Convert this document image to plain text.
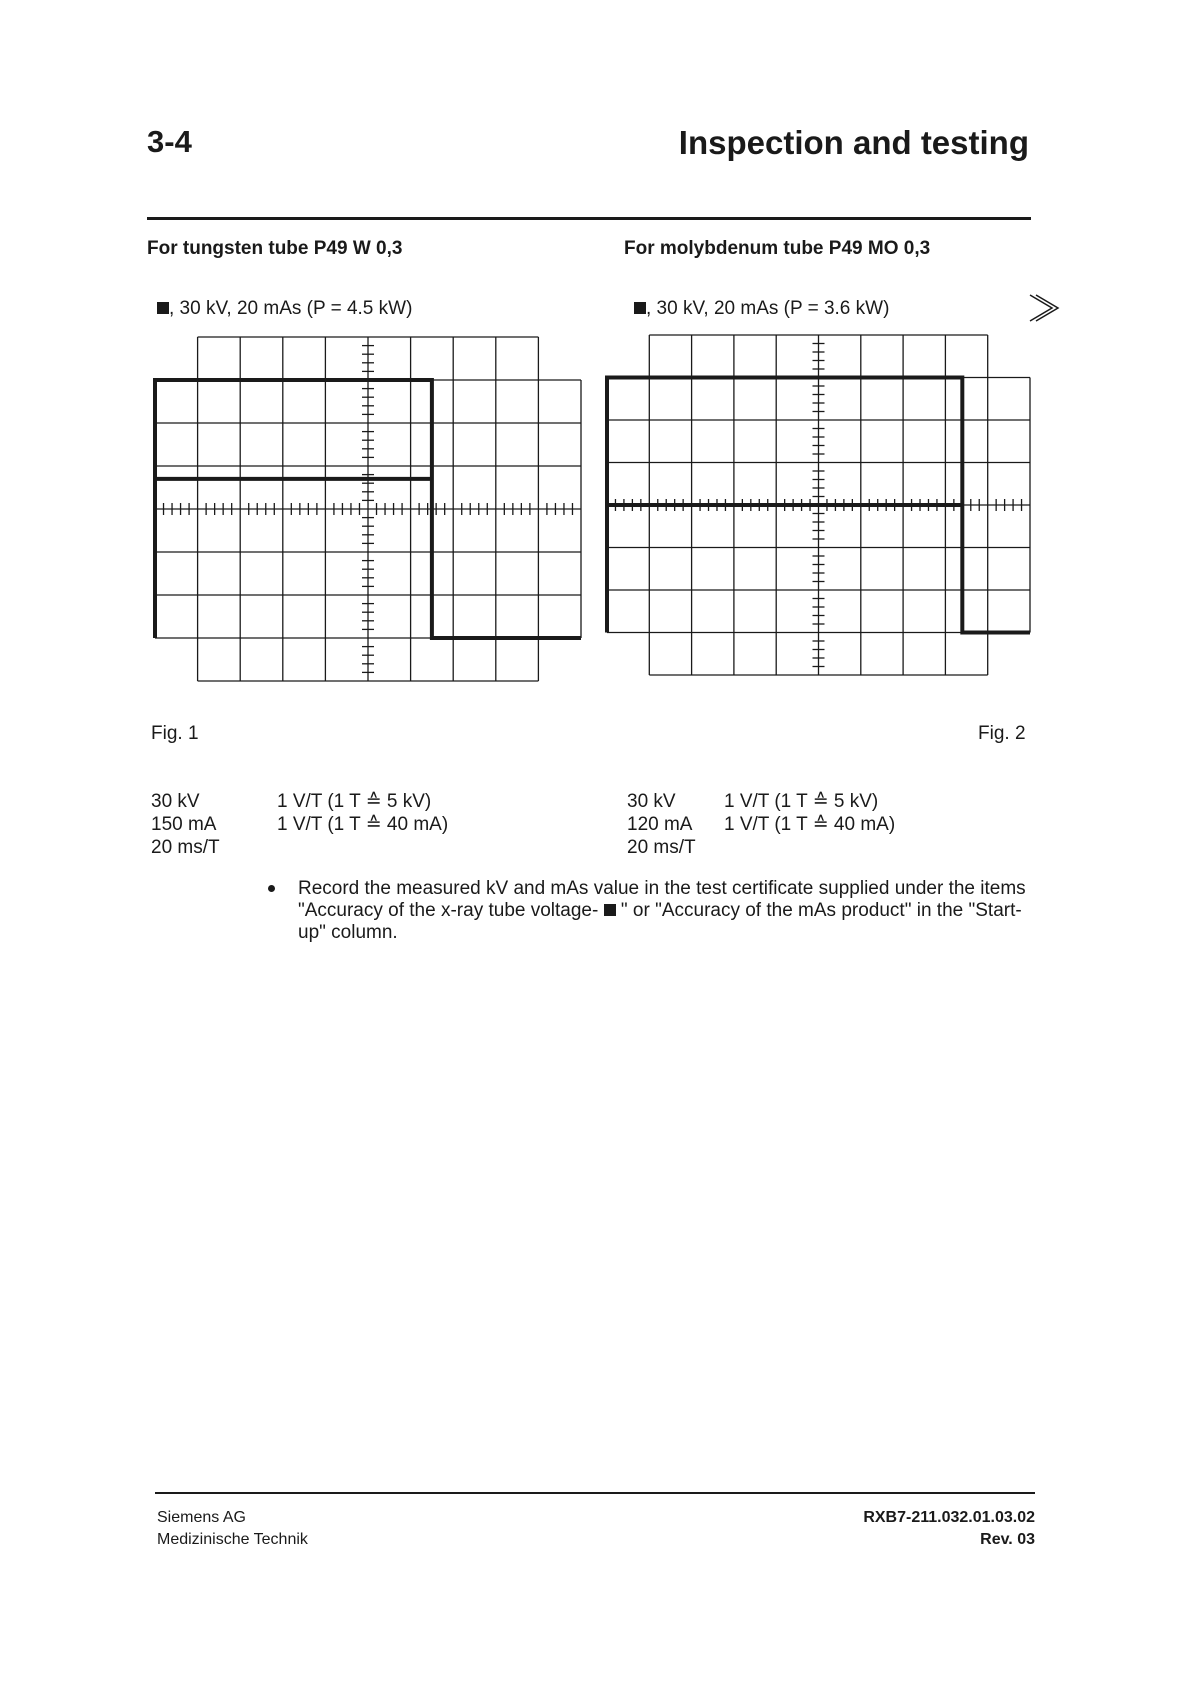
3-4	Inspection and testing
For tungsten tube P49 W 0,3	For molybdenum tube P49 MO 0,3
, 30 kV, 20 mAs (P = 4.5 kW)	, 30 kV, 20 mAs (P = 3.6 kW)
Fig. 1	Fig. 2
30 kV	1 V/T (1 T ≙ 5 kV)
150 mA	1 V/T (1 T ≙ 40 mA)
20 ms/T
30 kV	1 V/T (1 T ≙ 5 kV)
120 mA 1 V/T (1 T ≙ 40 mA)
20 ms/T
Record the measured kV and mAs value in the test certificate supplied under the items "Accuracy of the x-ray tube voltage-  " or "Accuracy of the mAs product" in the "Start-up" column.
Siemens AG
Medizinische Technik
RXB7-211.032.01.03.02
Rev. 03
